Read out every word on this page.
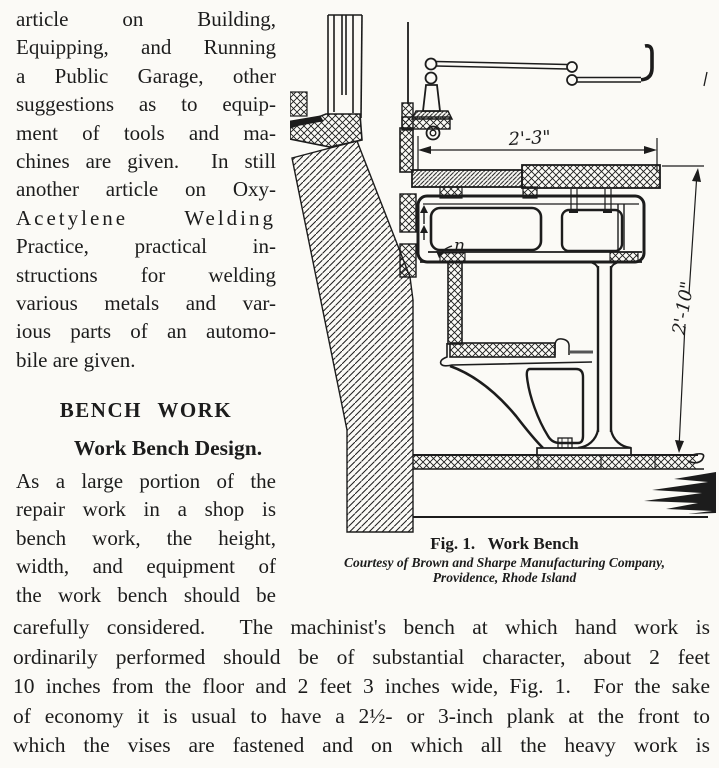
article on Building,
Equipping, and Running
a Public Garage, other
suggestions as to equip-
ment of tools and ma-
chines are given.  In still
another article on Oxy-
Acetylene Welding
Practice, practical in-
structions for welding
various metals and var-
ious parts of an automo-
bile are given.
BENCH WORK
Work Bench Design.
As a large portion of the
repair work in a shop is
bench work, the height,
width, and equipment of
the work bench should be
n
2'-3"
2'-10"
Fig. 1.   Work Bench
Courtesy of Brown and Sharpe Manufacturing Company,
Providence, Rhode Island
carefully considered.  The machinist's bench at which hand work is
ordinarily performed should be of substantial character, about 2 feet
10 inches from the floor and 2 feet 3 inches wide, Fig. 1.  For the sake
of economy it is usual to have a 2½- or 3-inch plank at the front to
which the vises are fastened and on which all the heavy work is
